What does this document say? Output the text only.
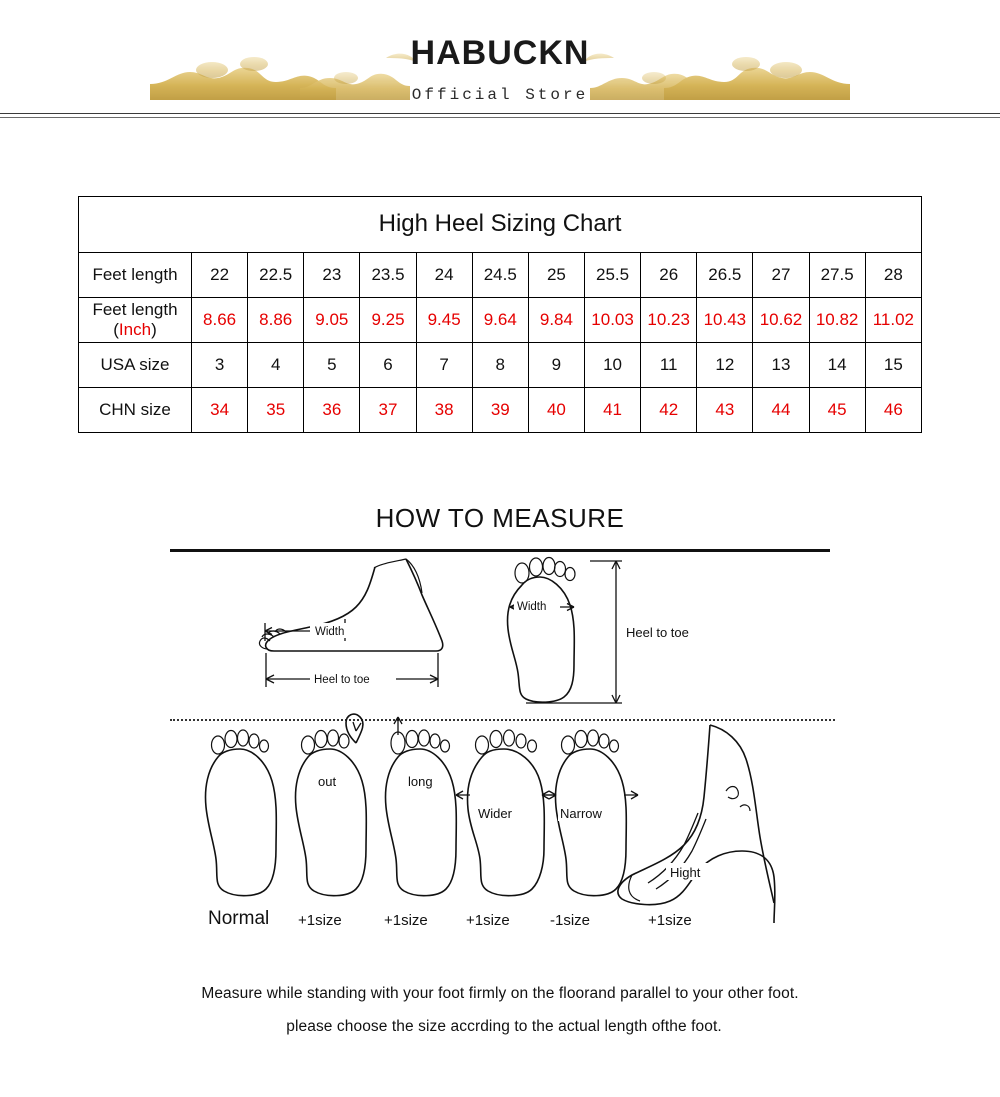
HABUCKN
Official Store
High Heel Sizing Chart
Feet length	22	22.5	23	23.5	24	24.5	25	25.5	26	26.5	27	27.5	28
Feet length
(Inch)	8.66	8.86	9.05	9.25	9.45	9.64	9.84	10.03	10.23	10.43	10.62	10.82	11.02
USA size	3	4	5	6	7	8	9	10	11	12	13	14	15
CHN size	34	35	36	37	38	39	40	41	42	43	44	45	46
HOW TO MEASURE
Width
Heel to toe
Width
Heel to toe
out	long
Wider	Narrow
Hight
Normal +1size	+1size	+1size	-1size	+1size
Measure while standing with your foot firmly on the floorand parallel to your other foot.
please choose the size accrding to the actual length ofthe foot.
